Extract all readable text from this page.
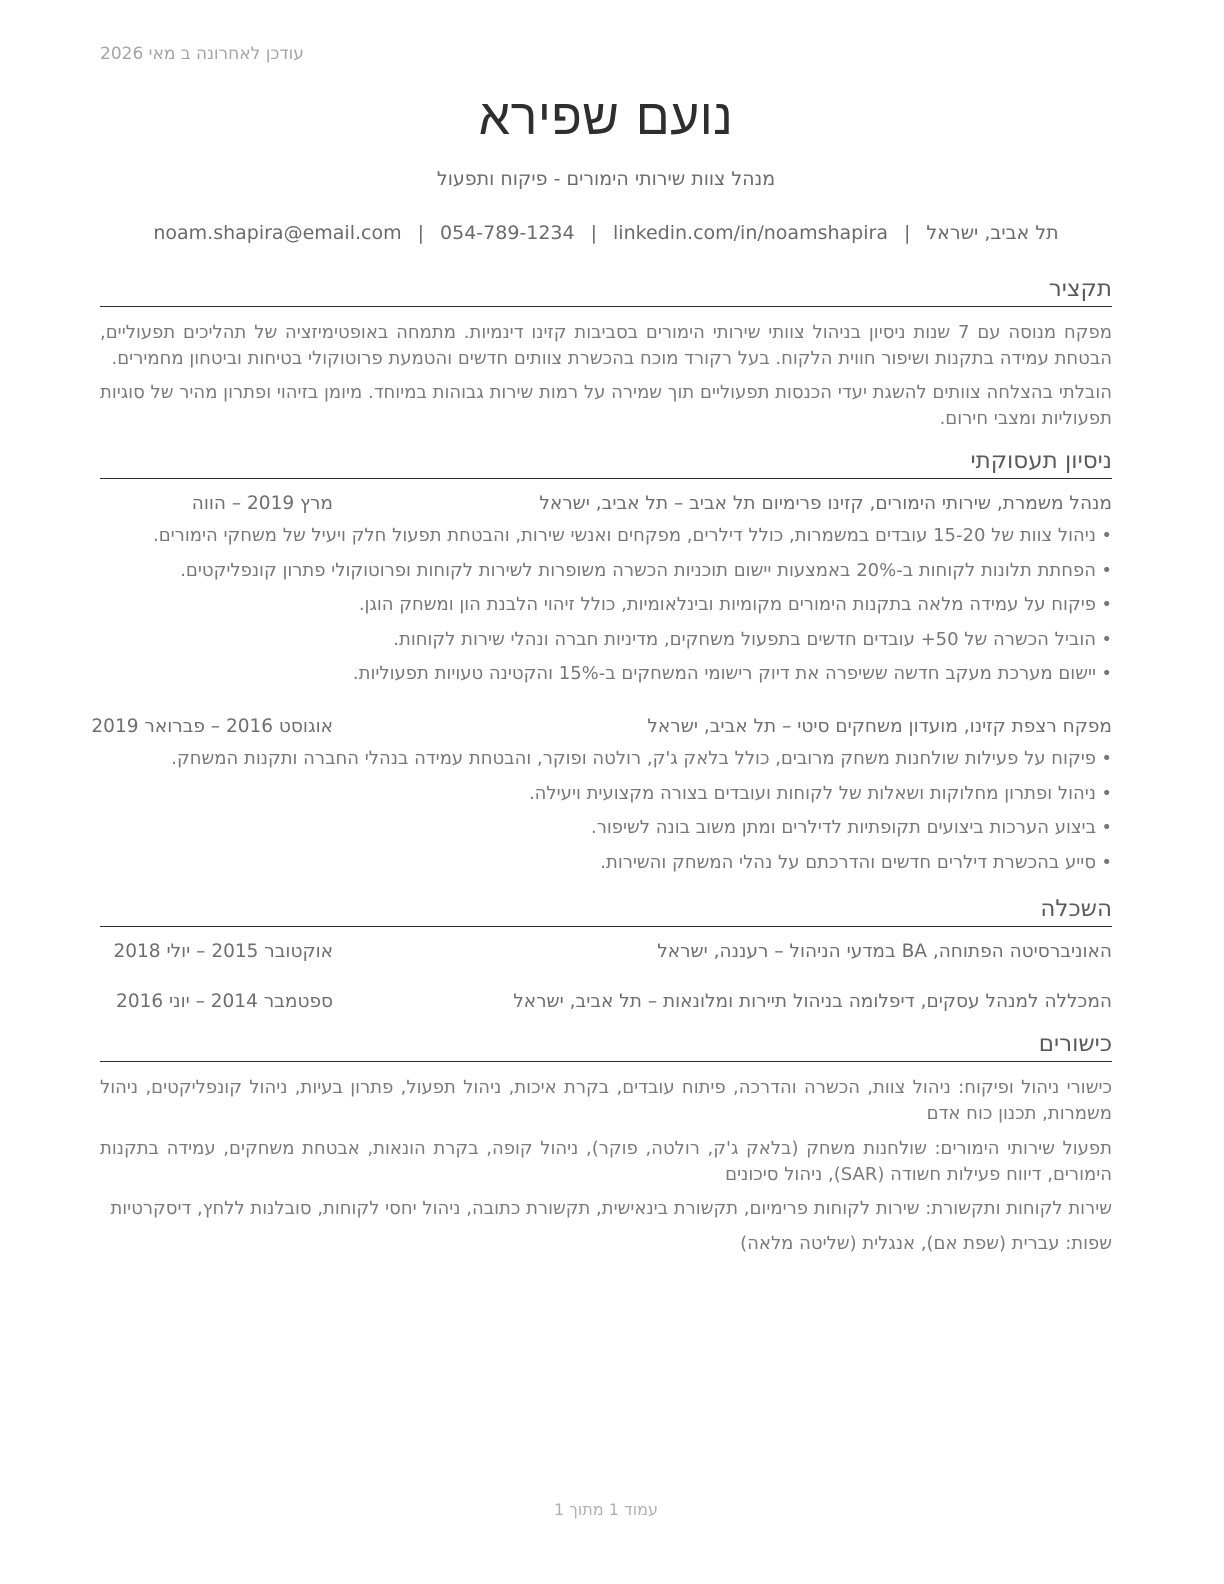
עודכן לאחרונה ב מאי 2026
נועם שפירא
מנהל צוות שירותי הימורים - פיקוח ותפעול
תל אביב, ישראל|noam.shapira@email.com | 054-789-1234 | linkedin.com/in/noamshapira
תקציר
מפקח מנוסה עם 7 שנות ניסיון בניהול צוותי שירותי הימורים בסביבות קזינו דינמיות. מתמחה באופטימיזציה של תהליכים תפעוליים, הבטחת עמידה בתקנות ושיפור חווית הלקוח. בעל רקורד מוכח בהכשרת צוותים חדשים והטמעת פרוטוקולי בטיחות וביטחון מחמירים.
הובלתי בהצלחה צוותים להשגת יעדי הכנסות תפעוליים תוך שמירה על רמות שירות גבוהות במיוחד. מיומן בזיהוי ופתרון מהיר של סוגיות תפעוליות ומצבי חירום.
ניסיון תעסוקתי
מנהל משמרת, שירותי הימורים, קזינו פרימיום תל אביב – תל אביב, ישראל
מרץ 2019 – הווה
•
ניהול צוות של 15-20 עובדים במשמרות, כולל דילרים, מפקחים ואנשי שירות, והבטחת תפעול חלק ויעיל של משחקי הימורים.
•
הפחתת תלונות לקוחות ב-20% באמצעות יישום תוכניות הכשרה משופרות לשירות לקוחות ופרוטוקולי פתרון קונפליקטים.
•
פיקוח על עמידה מלאה בתקנות הימורים מקומיות ובינלאומיות, כולל זיהוי הלבנת הון ומשחק הוגן.
•
הוביל הכשרה של 50+ עובדים חדשים בתפעול משחקים, מדיניות חברה ונהלי שירות לקוחות.
•
יישום מערכת מעקב חדשה ששיפרה את דיוק רישומי המשחקים ב-15% והקטינה טעויות תפעוליות.
מפקח רצפת קזינו, מועדון משחקים סיטי – תל אביב, ישראל
אוגוסט 2016 – פברואר 2019
•
פיקוח על פעילות שולחנות משחק מרובים, כולל בלאק ג'ק, רולטה ופוקר, והבטחת עמידה בנהלי החברה ותקנות המשחק.
•
ניהול ופתרון מחלוקות ושאלות של לקוחות ועובדים בצורה מקצועית ויעילה.
•
ביצוע הערכות ביצועים תקופתיות לדילרים ומתן משוב בונה לשיפור.
•
סייע בהכשרת דילרים חדשים והדרכתם על נהלי המשחק והשירות.
השכלה
האוניברסיטה הפתוחה, BA במדעי הניהול – רעננה, ישראל
אוקטובר 2015 – יולי 2018
המכללה למנהל עסקים, דיפלומה בניהול תיירות ומלונאות – תל אביב, ישראל
ספטמבר 2014 – יוני 2016
כישורים
כישורי ניהול ופיקוח: ניהול צוות, הכשרה והדרכה, פיתוח עובדים, בקרת איכות, ניהול תפעול, פתרון בעיות, ניהול קונפליקטים, ניהול משמרות, תכנון כוח אדם
תפעול שירותי הימורים: שולחנות משחק (בלאק ג'ק, רולטה, פוקר), ניהול קופה, בקרת הונאות, אבטחת משחקים, עמידה בתקנות הימורים, דיווח פעילות חשודה (SAR), ניהול סיכונים
שירות לקוחות ותקשורת: שירות לקוחות פרימיום, תקשורת בינאישית, תקשורת כתובה, ניהול יחסי לקוחות, סובלנות ללחץ, דיסקרטיות
שפות: עברית (שפת אם), אנגלית (שליטה מלאה)
עמוד 1 מתוך 1
